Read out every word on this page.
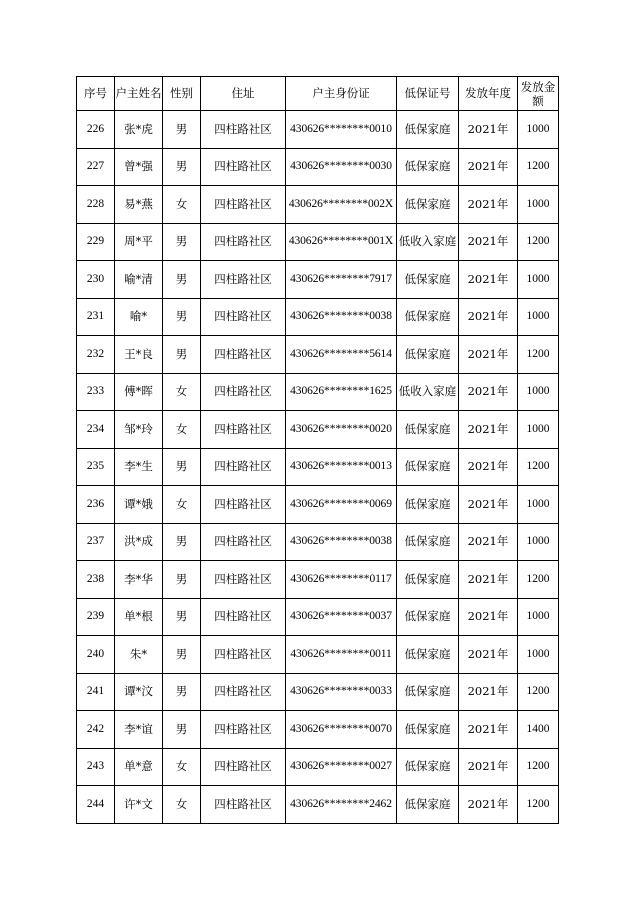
序号	户主姓名	性别	住址	户主身份证	低保证号	发放年度	发放金额
226	张*虎	男	四柱路社区	430626********0010	低保家庭	2021年	1000
227	曾*强	男	四柱路社区	430626********0030	低保家庭	2021年	1200
228	易*燕	女	四柱路社区	430626********002X	低保家庭	2021年	1000
229	周*平	男	四柱路社区	430626********001X	低收入家庭	2021年	1200
230	喻*清	男	四柱路社区	430626********7917	低保家庭	2021年	1000
231	喻*	男	四柱路社区	430626********0038	低保家庭	2021年	1000
232	王*良	男	四柱路社区	430626********5614	低保家庭	2021年	1200
233	傅*晖	女	四柱路社区	430626********1625	低收入家庭	2021年	1000
234	邹*玲	女	四柱路社区	430626********0020	低保家庭	2021年	1000
235	李*生	男	四柱路社区	430626********0013	低保家庭	2021年	1200
236	谭*娥	女	四柱路社区	430626********0069	低保家庭	2021年	1000
237	洪*成	男	四柱路社区	430626********0038	低保家庭	2021年	1000
238	李*华	男	四柱路社区	430626********0117	低保家庭	2021年	1200
239	单*根	男	四柱路社区	430626********0037	低保家庭	2021年	1000
240	朱*	男	四柱路社区	430626********0011	低保家庭	2021年	1000
241	谭*汶	男	四柱路社区	430626********0033	低保家庭	2021年	1200
242	李*谊	男	四柱路社区	430626********0070	低保家庭	2021年	1400
243	单*意	女	四柱路社区	430626********0027	低保家庭	2021年	1200
244	许*文	女	四柱路社区	430626********2462	低保家庭	2021年	1200
